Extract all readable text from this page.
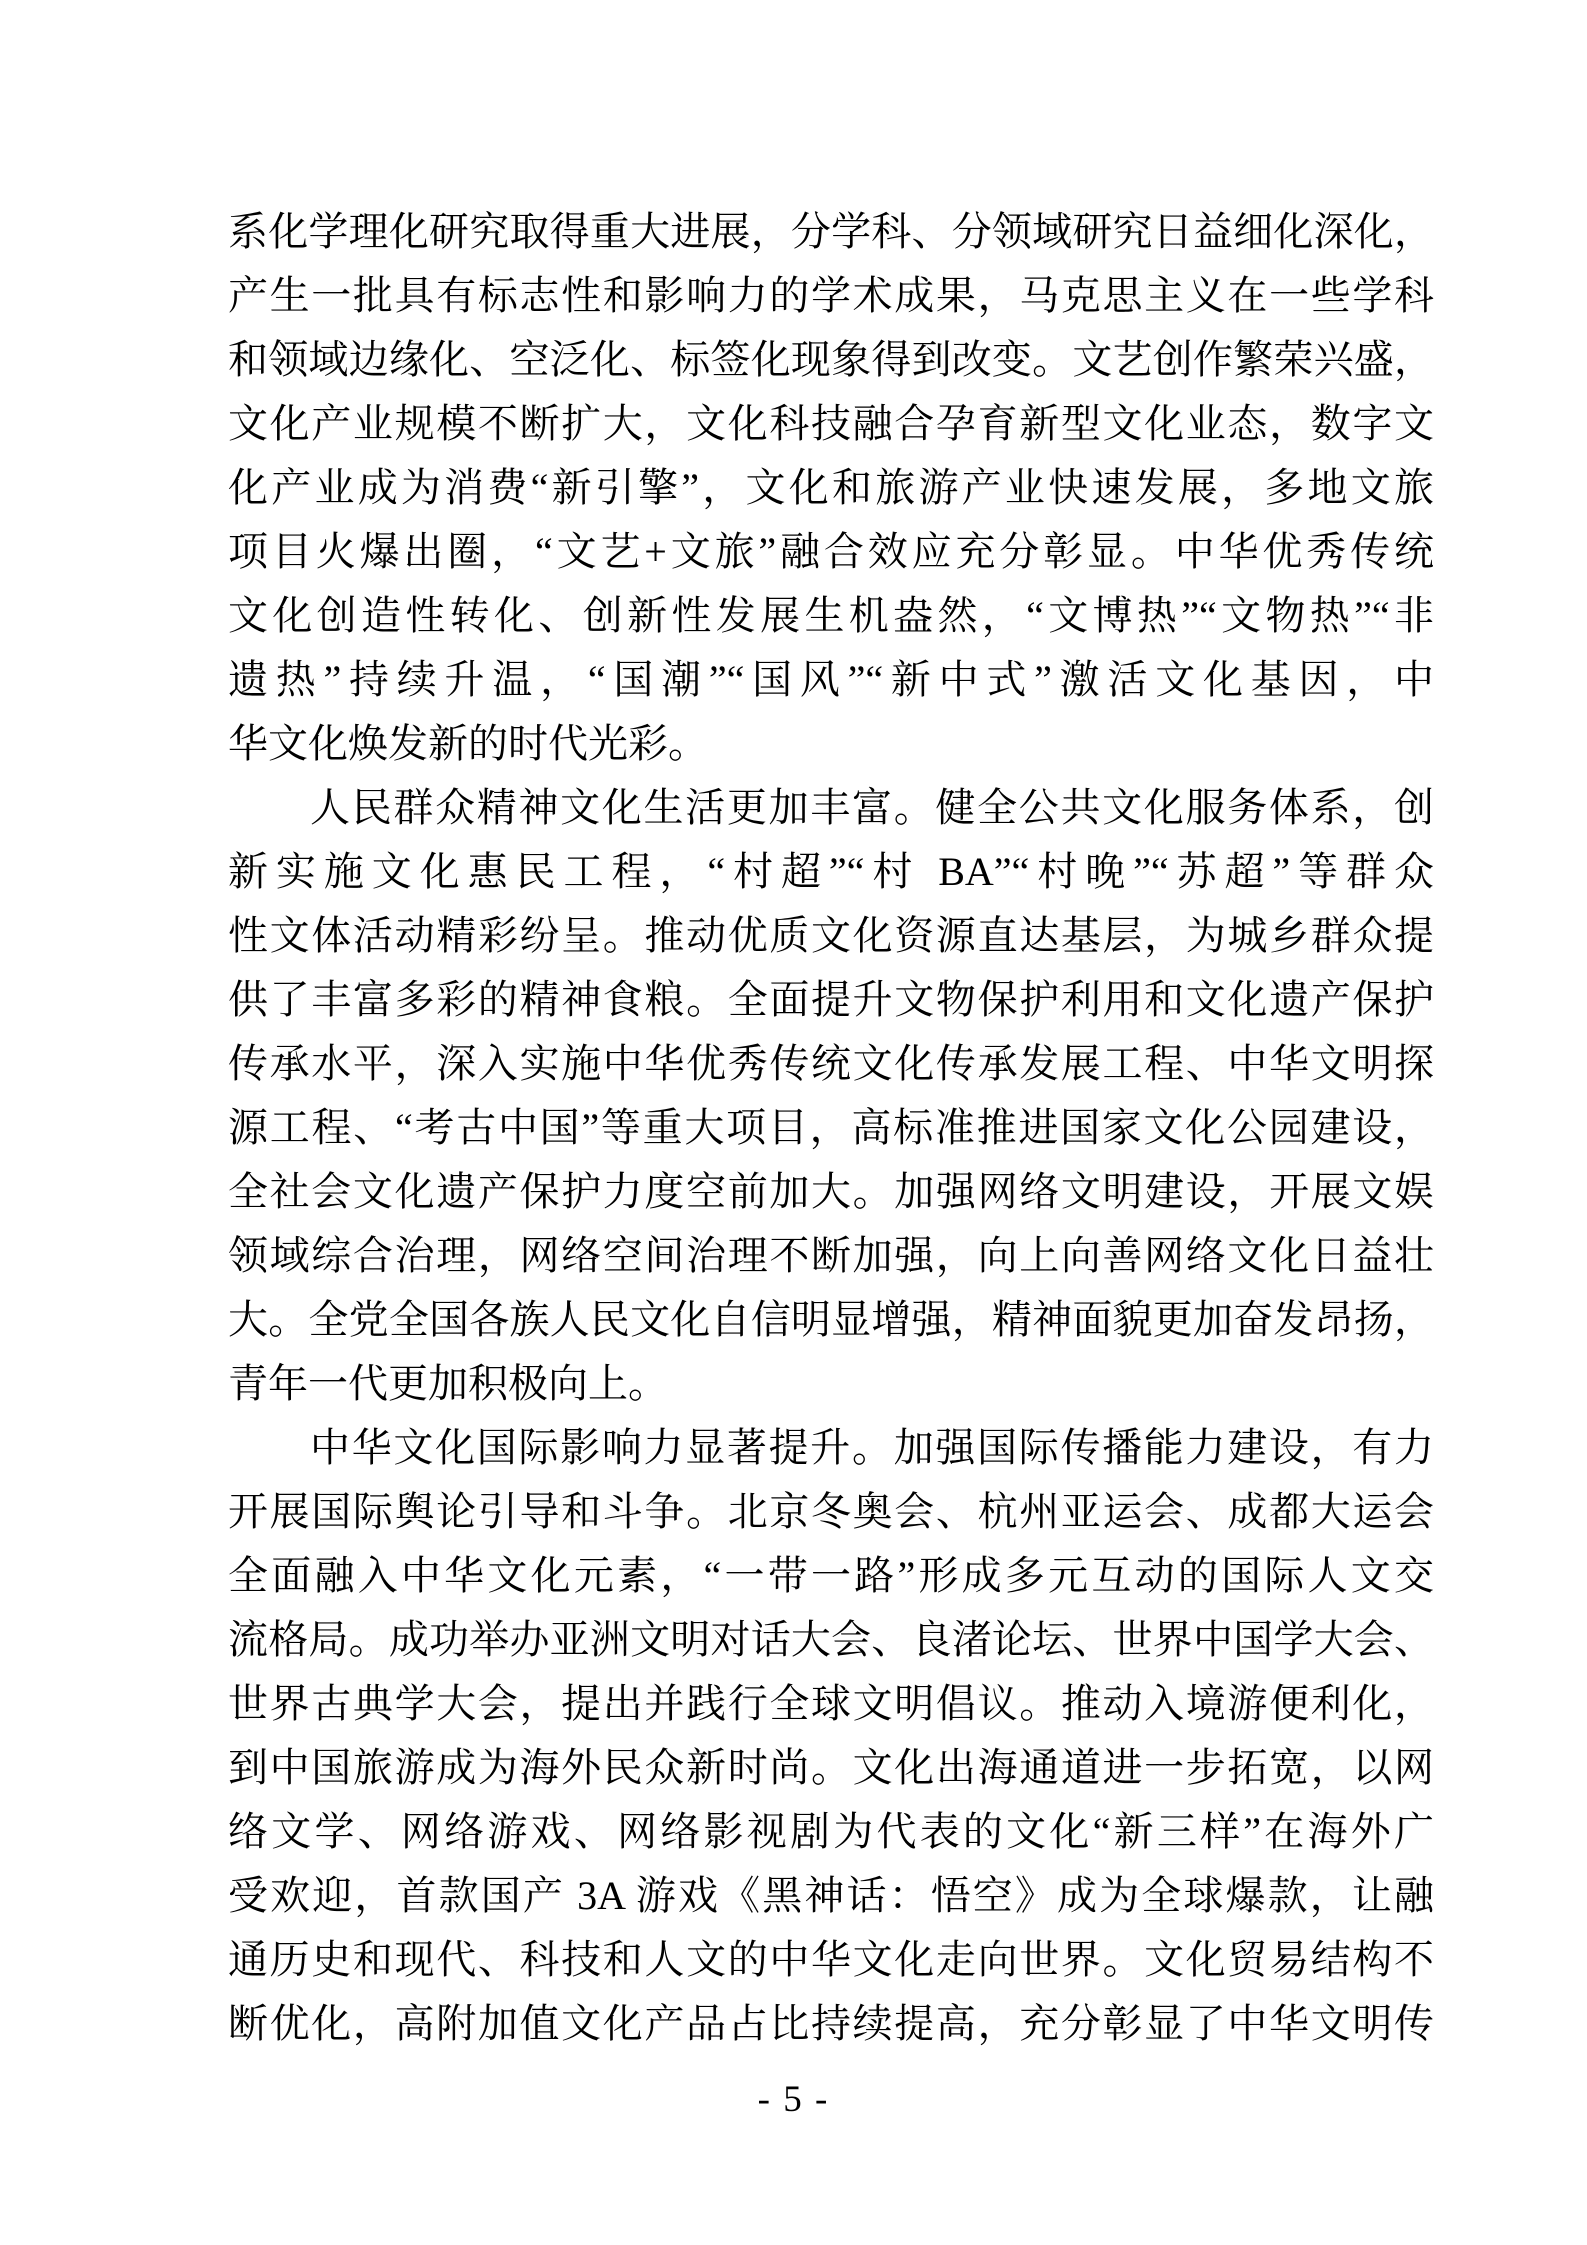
系化学理化研究取得重大进展，分学科、分领域研究日益细化深化，
产生一批具有标志性和影响力的学术成果，马克思主义在一些学科
和领域边缘化、空泛化、标签化现象得到改变。文艺创作繁荣兴盛，
文化产业规模不断扩大，文化科技融合孕育新型文化业态，数字文
化产业成为消费“新引擎”，文化和旅游产业快速发展，多地文旅
项目火爆出圈，“文艺+文旅”融合效应充分彰显。中华优秀传统
文化创造性转化、创新性发展生机盎然，“文博热”“文物热”“非
遗热”持续升温，“国潮”“国风”“新中式”激活文化基因，中
华文化焕发新的时代光彩。
人民群众精神文化生活更加丰富。健全公共文化服务体系，创
新实施文化惠民工程，“村超”“村 BA”“村晚”“苏超”等群众
性文体活动精彩纷呈。推动优质文化资源直达基层，为城乡群众提
供了丰富多彩的精神食粮。全面提升文物保护利用和文化遗产保护
传承水平，深入实施中华优秀传统文化传承发展工程、中华文明探
源工程、“考古中国”等重大项目，高标准推进国家文化公园建设，
全社会文化遗产保护力度空前加大。加强网络文明建设，开展文娱
领域综合治理，网络空间治理不断加强，向上向善网络文化日益壮
大。全党全国各族人民文化自信明显增强，精神面貌更加奋发昂扬，
青年一代更加积极向上。
中华文化国际影响力显著提升。加强国际传播能力建设，有力
开展国际舆论引导和斗争。北京冬奥会、杭州亚运会、成都大运会
全面融入中华文化元素，“一带一路”形成多元互动的国际人文交
流格局。成功举办亚洲文明对话大会、良渚论坛、世界中国学大会、
世界古典学大会，提出并践行全球文明倡议。推动入境游便利化，
到中国旅游成为海外民众新时尚。文化出海通道进一步拓宽，以网
络文学、网络游戏、网络影视剧为代表的文化“新三样”在海外广
受欢迎，首款国产 3A 游戏《黑神话：悟空》成为全球爆款，让融
通历史和现代、科技和人文的中华文化走向世界。文化贸易结构不
断优化，高附加值文化产品占比持续提高，充分彰显了中华文明传
- 5 -
